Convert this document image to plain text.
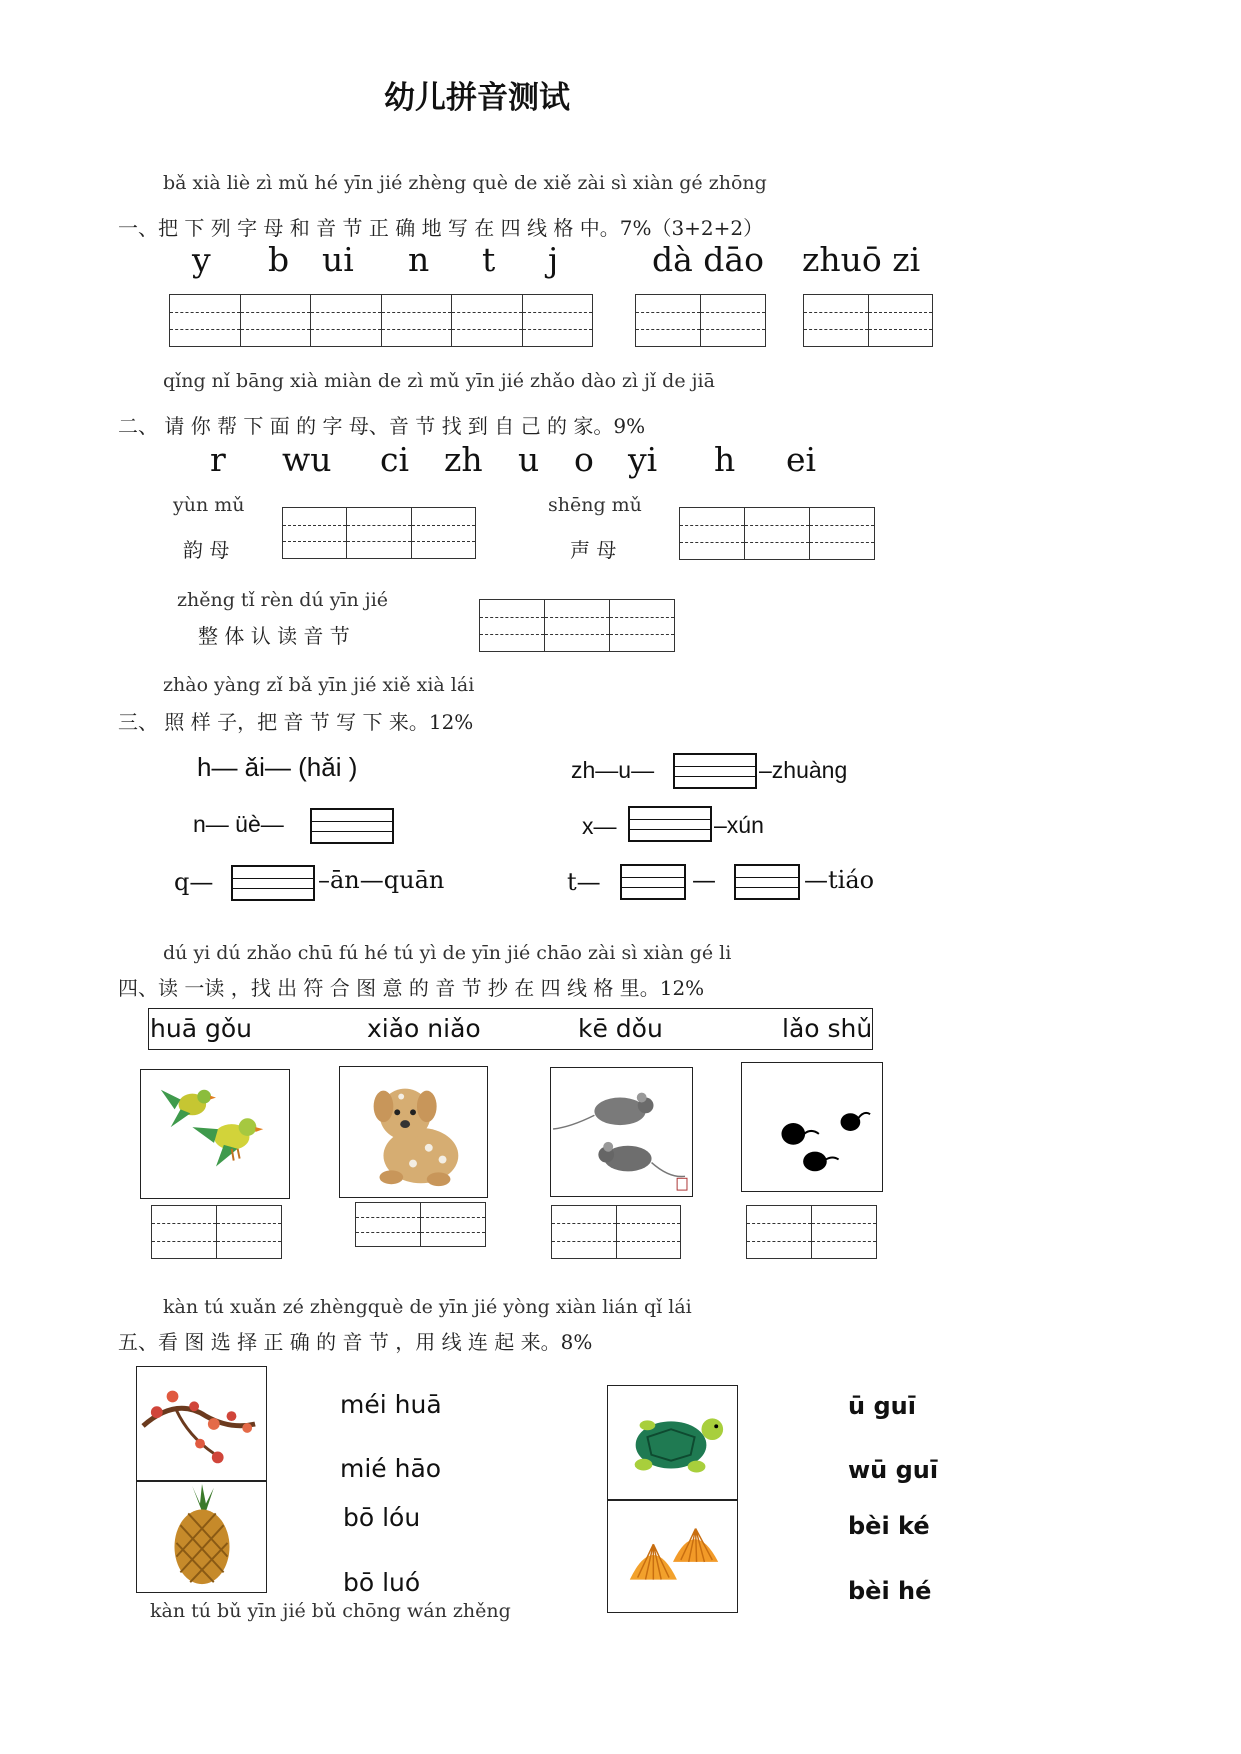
幼儿拼音测试
bǎ xià liè zì mǔ hé yīn jié zhèng què de xiě zài sì xiàn gé zhōng
一、把 下 列 字 母 和 音 节 正 确 地 写 在 四 线 格 中。7%（3+2+2）
y b ui n t j	dà dāo zhuō zi
qǐng nǐ bāng xià miàn de zì mǔ yīn jié zhǎo dào zì jǐ de jiā
二、 请 你 帮 下 面 的 字 母、音 节 找 到 自 己 的 家。9%
r wu ci zh u o yi h ei
yùn mǔ
韵 母
shēng mǔ
声 母
zhěng tǐ rèn dú yīn jié
整 体 认 读 音 节
zhào yàng zǐ bǎ yīn jié xiě xià lái
三、 照 样 子，把 音 节 写 下 来。12%
h— ǎi— (hǎi )	zh—u—	–zhuàng
n— üè—	x—	–xún
q—	–ān—quān	t—	—	—tiáo
dú yi dú zhǎo chū fú hé tú yì de yīn jié chāo zài sì xiàn gé li
四、读 一读 ，找 出 符 合 图 意 的 音 节 抄 在 四 线 格 里。12%
huā gǒu	xiǎo niǎo	kē dǒu	lǎo shǔ
kàn tú xuǎn zé zhèngquè de yīn jié yòng xiàn lián qǐ lái
五、看 图 选 择 正 确 的 音 节 ，用 线 连 起 来。8%
méi huā
mié hāo
bō lóu
bō luó
ū guī
wū guī
bèi ké
bèi hé
kàn tú bǔ yīn jié bǔ chōng wán zhěng
